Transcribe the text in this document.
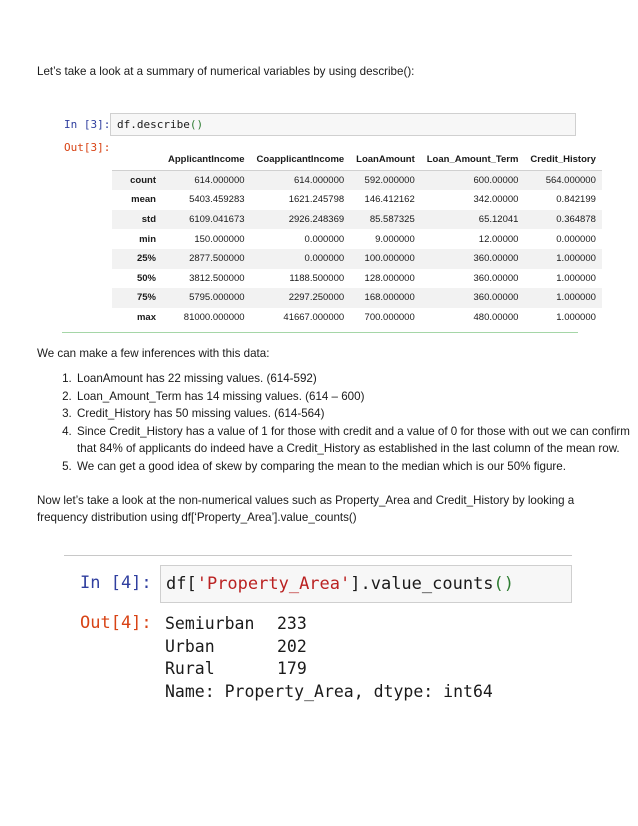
Let’s take a look at a summary of numerical variables by using describe():

In [3]: df.describe()
Out[3]:
	ApplicantIncome	CoapplicantIncome	LoanAmount	Loan_Amount_Term	Credit_History
count	614.000000	614.000000	592.000000	600.00000	564.000000
mean	5403.459283	1621.245798	146.412162	342.00000	0.842199
std	6109.041673	2926.248369	85.587325	65.12041	0.364878
min	150.000000	0.000000	9.000000	12.00000	0.000000
25%	2877.500000	0.000000	100.000000	360.00000	1.000000
50%	3812.500000	1188.500000	128.000000	360.00000	1.000000
75%	5795.000000	2297.250000	168.000000	360.00000	1.000000
max	81000.000000	41667.000000	700.000000	480.00000	1.000000

We can make a few inferences with this data:

1. LoanAmount has 22 missing values. (614-592)
2. Loan_Amount_Term has 14 missing values. (614 – 600)
3. Credit_History has 50 missing values. (614-564)
4. Since Credit_History has a value of 1 for those with credit and a value of 0 for those with out we can confirm that 84% of applicants do indeed have a Credit_History as established in the last column of the mean row.
5. We can get a good idea of skew by comparing the mean to the median which is our 50% figure.

Now let’s take a look at the non-numerical values such as Property_Area and Credit_History by looking a frequency distribution using df[‘Property_Area’].value_counts()

In [4]: df['Property_Area'].value_counts()
Out[4]: Semiurban 233
Urban	202
Rural	179
Name: Property_Area, dtype: int64
